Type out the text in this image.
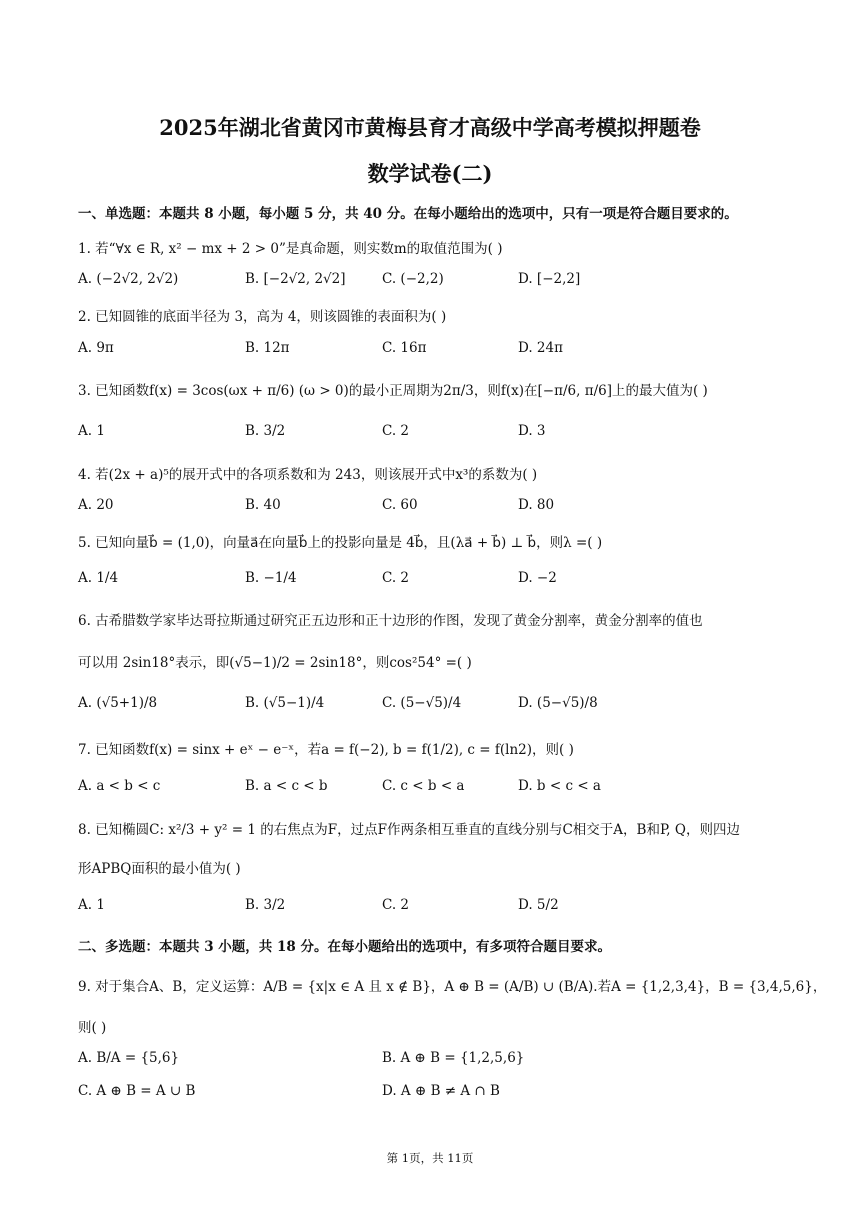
2025年湖北省黄冈市黄梅县育才高级中学高考模拟押题卷
数学试卷(二)
一、单选题：本题共 8 小题，每小题 5 分，共 40 分。在每小题给出的选项中，只有一项是符合题目要求的。
1. 若“∀x ∈ R, x² − mx + 2 > 0”是真命题，则实数m的取值范围为( )
A. (−2√2, 2√2)	B. [−2√2, 2√2]	C. (−2,2)	D. [−2,2]
2. 已知圆锥的底面半径为 3，高为 4，则该圆锥的表面积为( )
A. 9π	B. 12π	C. 16π	D. 24π
3. 已知函数f(x) = 3cos(ωx + π/6) (ω > 0)的最小正周期为2π/3，则f(x)在[−π/6, π/6]上的最大值为( )
A. 1	B. 3/2	C. 2	D. 3
4. 若(2x + a)⁵的展开式中的各项系数和为 243，则该展开式中x³的系数为( )
A. 20	B. 40	C. 60	D. 80
5. 已知向量b⃗ = (1,0)，向量a⃗在向量b⃗上的投影向量是 4b⃗，且(λa⃗ + b⃗) ⊥ b⃗，则λ =( )
A. 1/4	B. −1/4	C. 2	D. −2
6. 古希腊数学家毕达哥拉斯通过研究正五边形和正十边形的作图，发现了黄金分割率，黄金分割率的值也
可以用 2sin18°表示，即(√5−1)/2 = 2sin18°，则cos²54° =( )
A. (√5+1)/8	B. (√5−1)/4	C. (5−√5)/4	D. (5−√5)/8
7. 已知函数f(x) = sinx + eˣ − e⁻ˣ，若a = f(−2), b = f(1/2), c = f(ln2)，则( )
A. a < b < c	B. a < c < b	C. c < b < a	D. b < c < a
8. 已知椭圆C: x²/3 + y² = 1 的右焦点为F，过点F作两条相互垂直的直线分别与C相交于A，B和P, Q，则四边
形APBQ面积的最小值为( )
A. 1	B. 3/2	C. 2	D. 5/2
二、多选题：本题共 3 小题，共 18 分。在每小题给出的选项中，有多项符合题目要求。
9. 对于集合A、B，定义运算：A/B = {x|x ∈ A 且 x ∉ B}，A ⊕ B = (A/B) ∪ (B/A).若A = {1,2,3,4}，B = {3,4,5,6}，
则( )
A. B/A = {5,6}	B. A ⊕ B = {1,2,5,6}
C. A ⊕ B = A ∪ B	D. A ⊕ B ≠ A ∩ B
第 1页，共 11页
